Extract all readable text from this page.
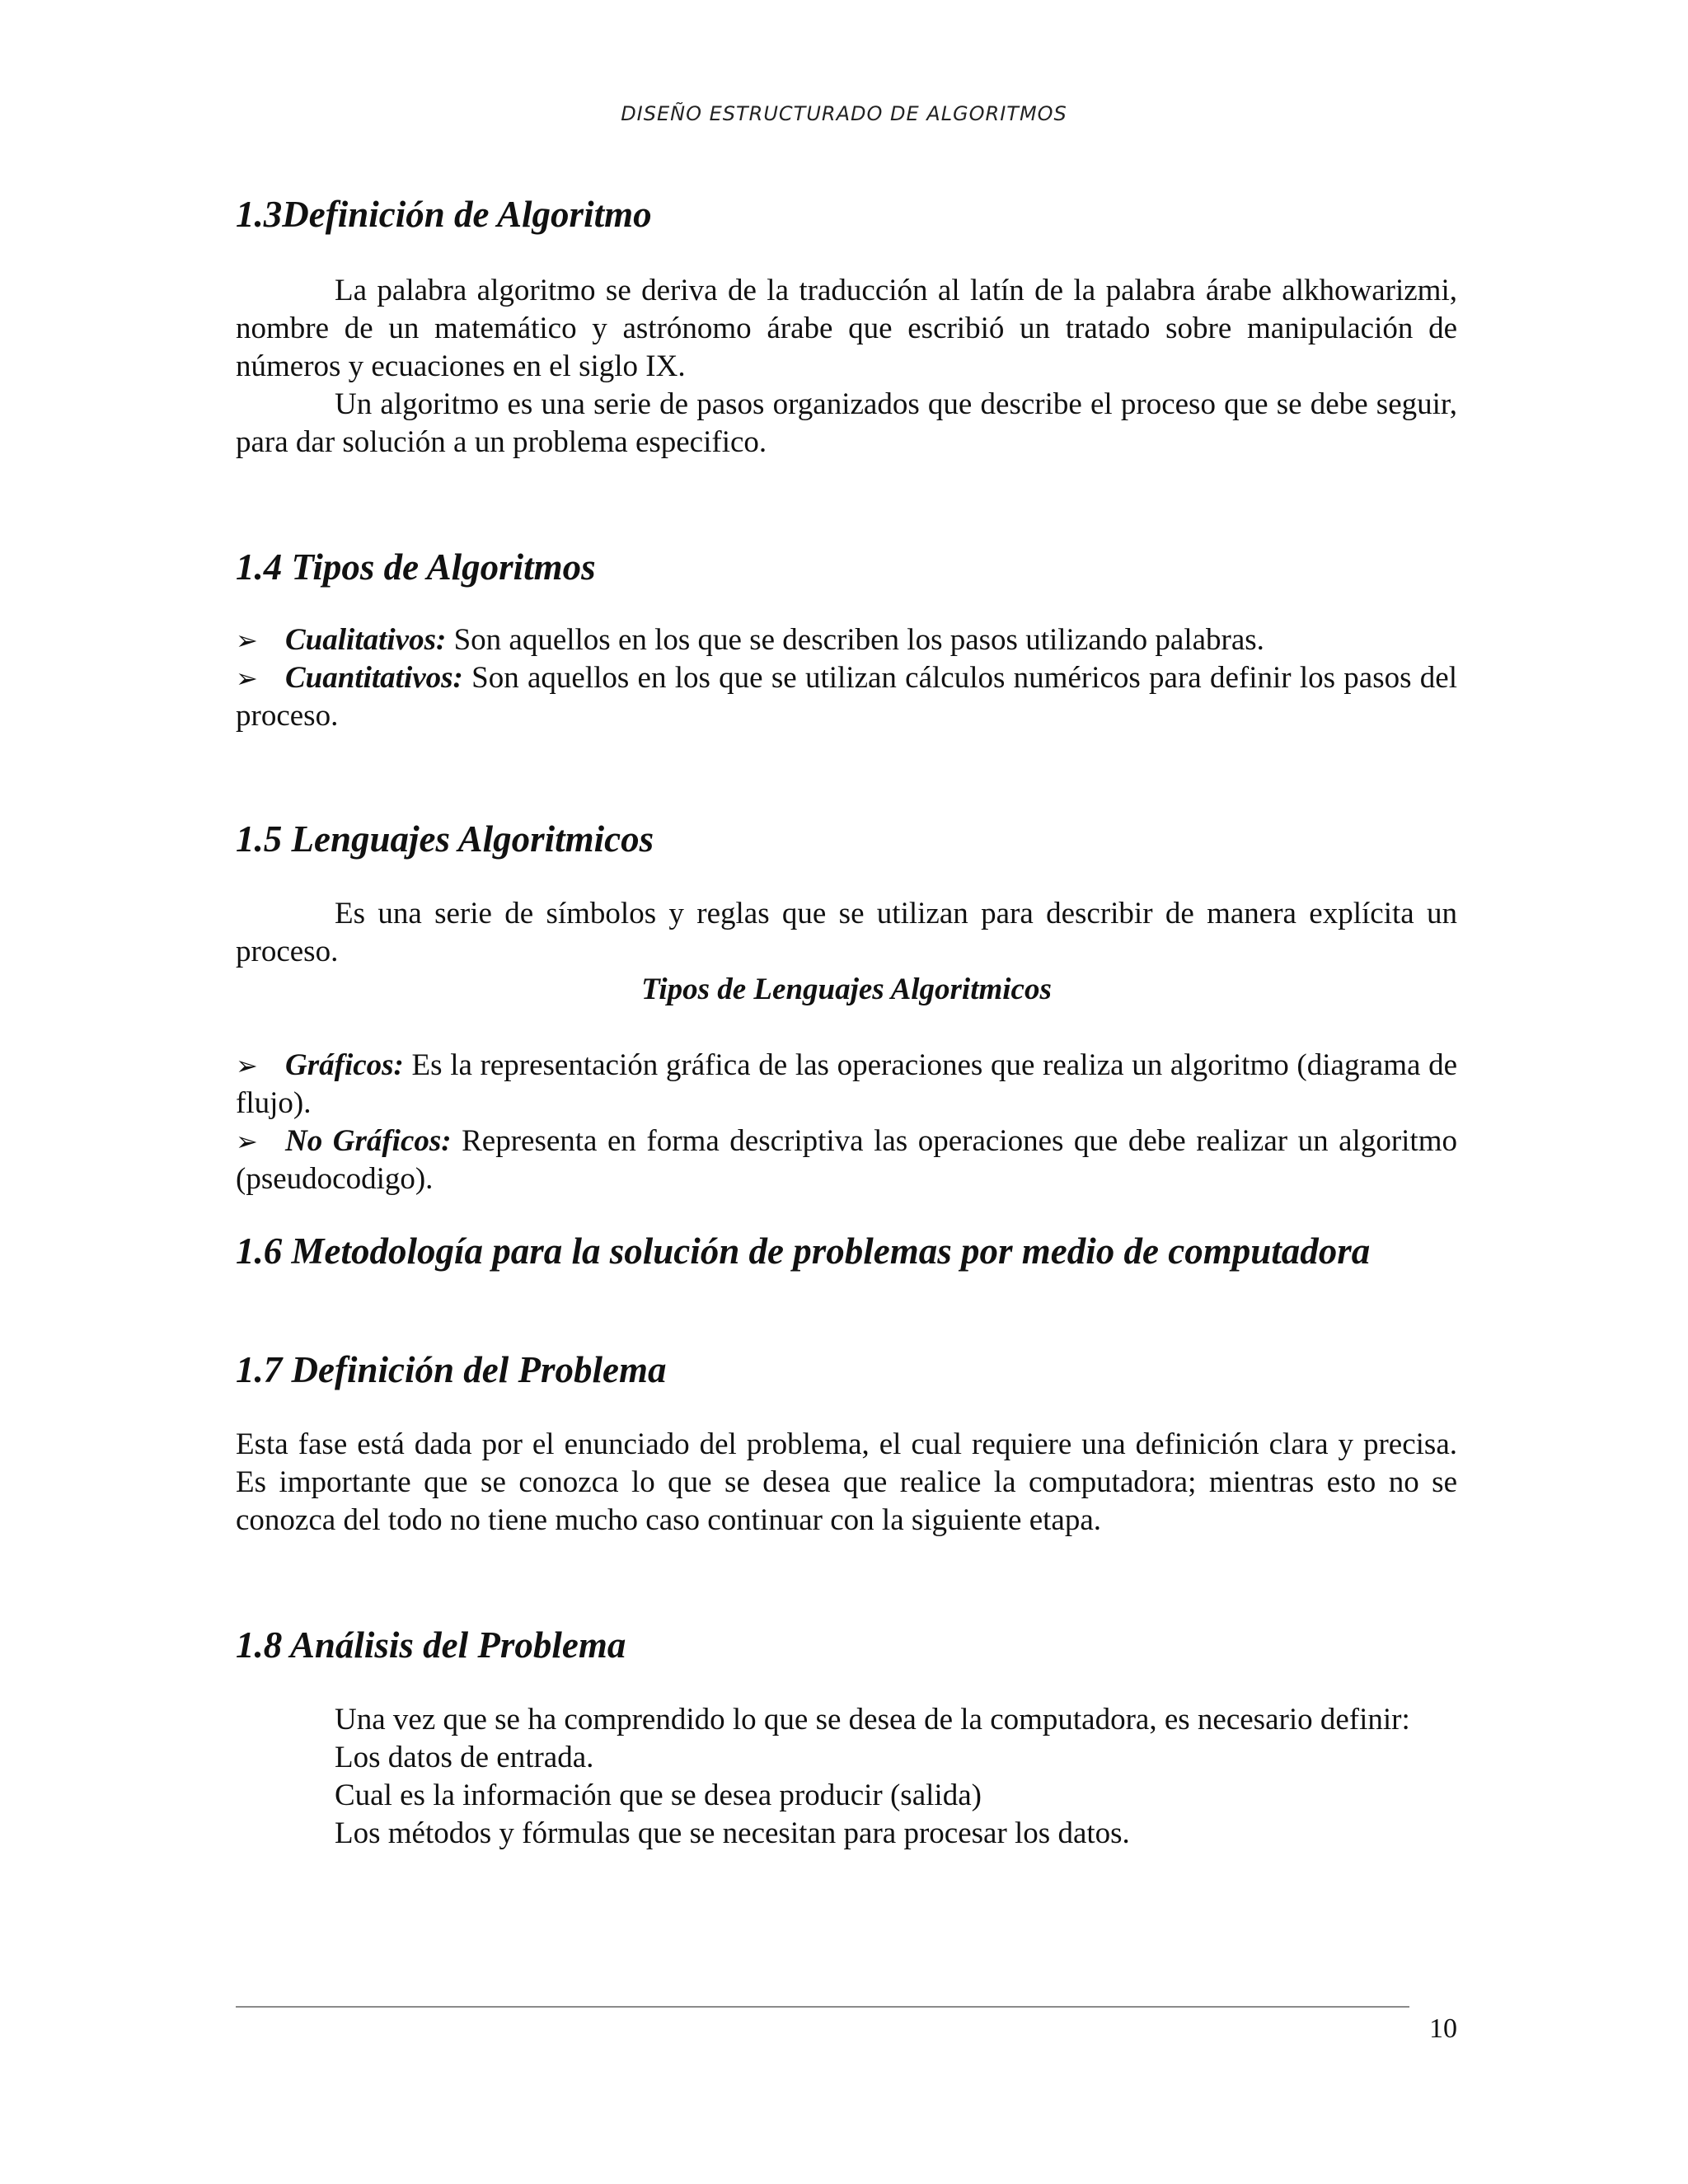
DISEÑO ESTRUCTURADO DE ALGORITMOS
1.3Definición de Algoritmo

La palabra algoritmo se deriva de la traducción al latín de la palabra árabe alkhowarizmi, nombre de un matemático y astrónomo árabe que escribió un tratado sobre manipulación de números y ecuaciones en el siglo IX.

Un algoritmo es una serie de pasos organizados que describe el proceso que se debe seguir, para dar solución a un problema especifico.

1.4 Tipos de Algoritmos

➢ Cualitativos: Son aquellos en los que se describen los pasos utilizando palabras.

➢ Cuantitativos: Son aquellos en los que se utilizan cálculos numéricos para definir los pasos del proceso.

1.5 Lenguajes Algoritmicos

Es una serie de símbolos y reglas que se utilizan para describir de manera explícita un proceso.

Tipos de Lenguajes Algoritmicos

➢ Gráficos: Es la representación gráfica de las operaciones que realiza un algoritmo (diagrama de flujo).

➢ No Gráficos: Representa en forma descriptiva las operaciones que debe realizar un algoritmo (pseudocodigo).

1.6 Metodología para la solución de problemas por medio de computadora
1.7 Definición del Problema

Esta fase está dada por el enunciado del problema, el cual requiere una definición clara y precisa. Es importante que se conozca lo que se desea que realice la computadora; mientras esto no se conozca del todo no tiene mucho caso continuar con la siguiente etapa.

1.8 Análisis del Problema

Una vez que se ha comprendido lo que se desea de la computadora, es necesario definir:

Los datos de entrada.

Cual es la información que se desea producir (salida)

Los métodos y fórmulas que se necesitan para procesar los datos.

10
